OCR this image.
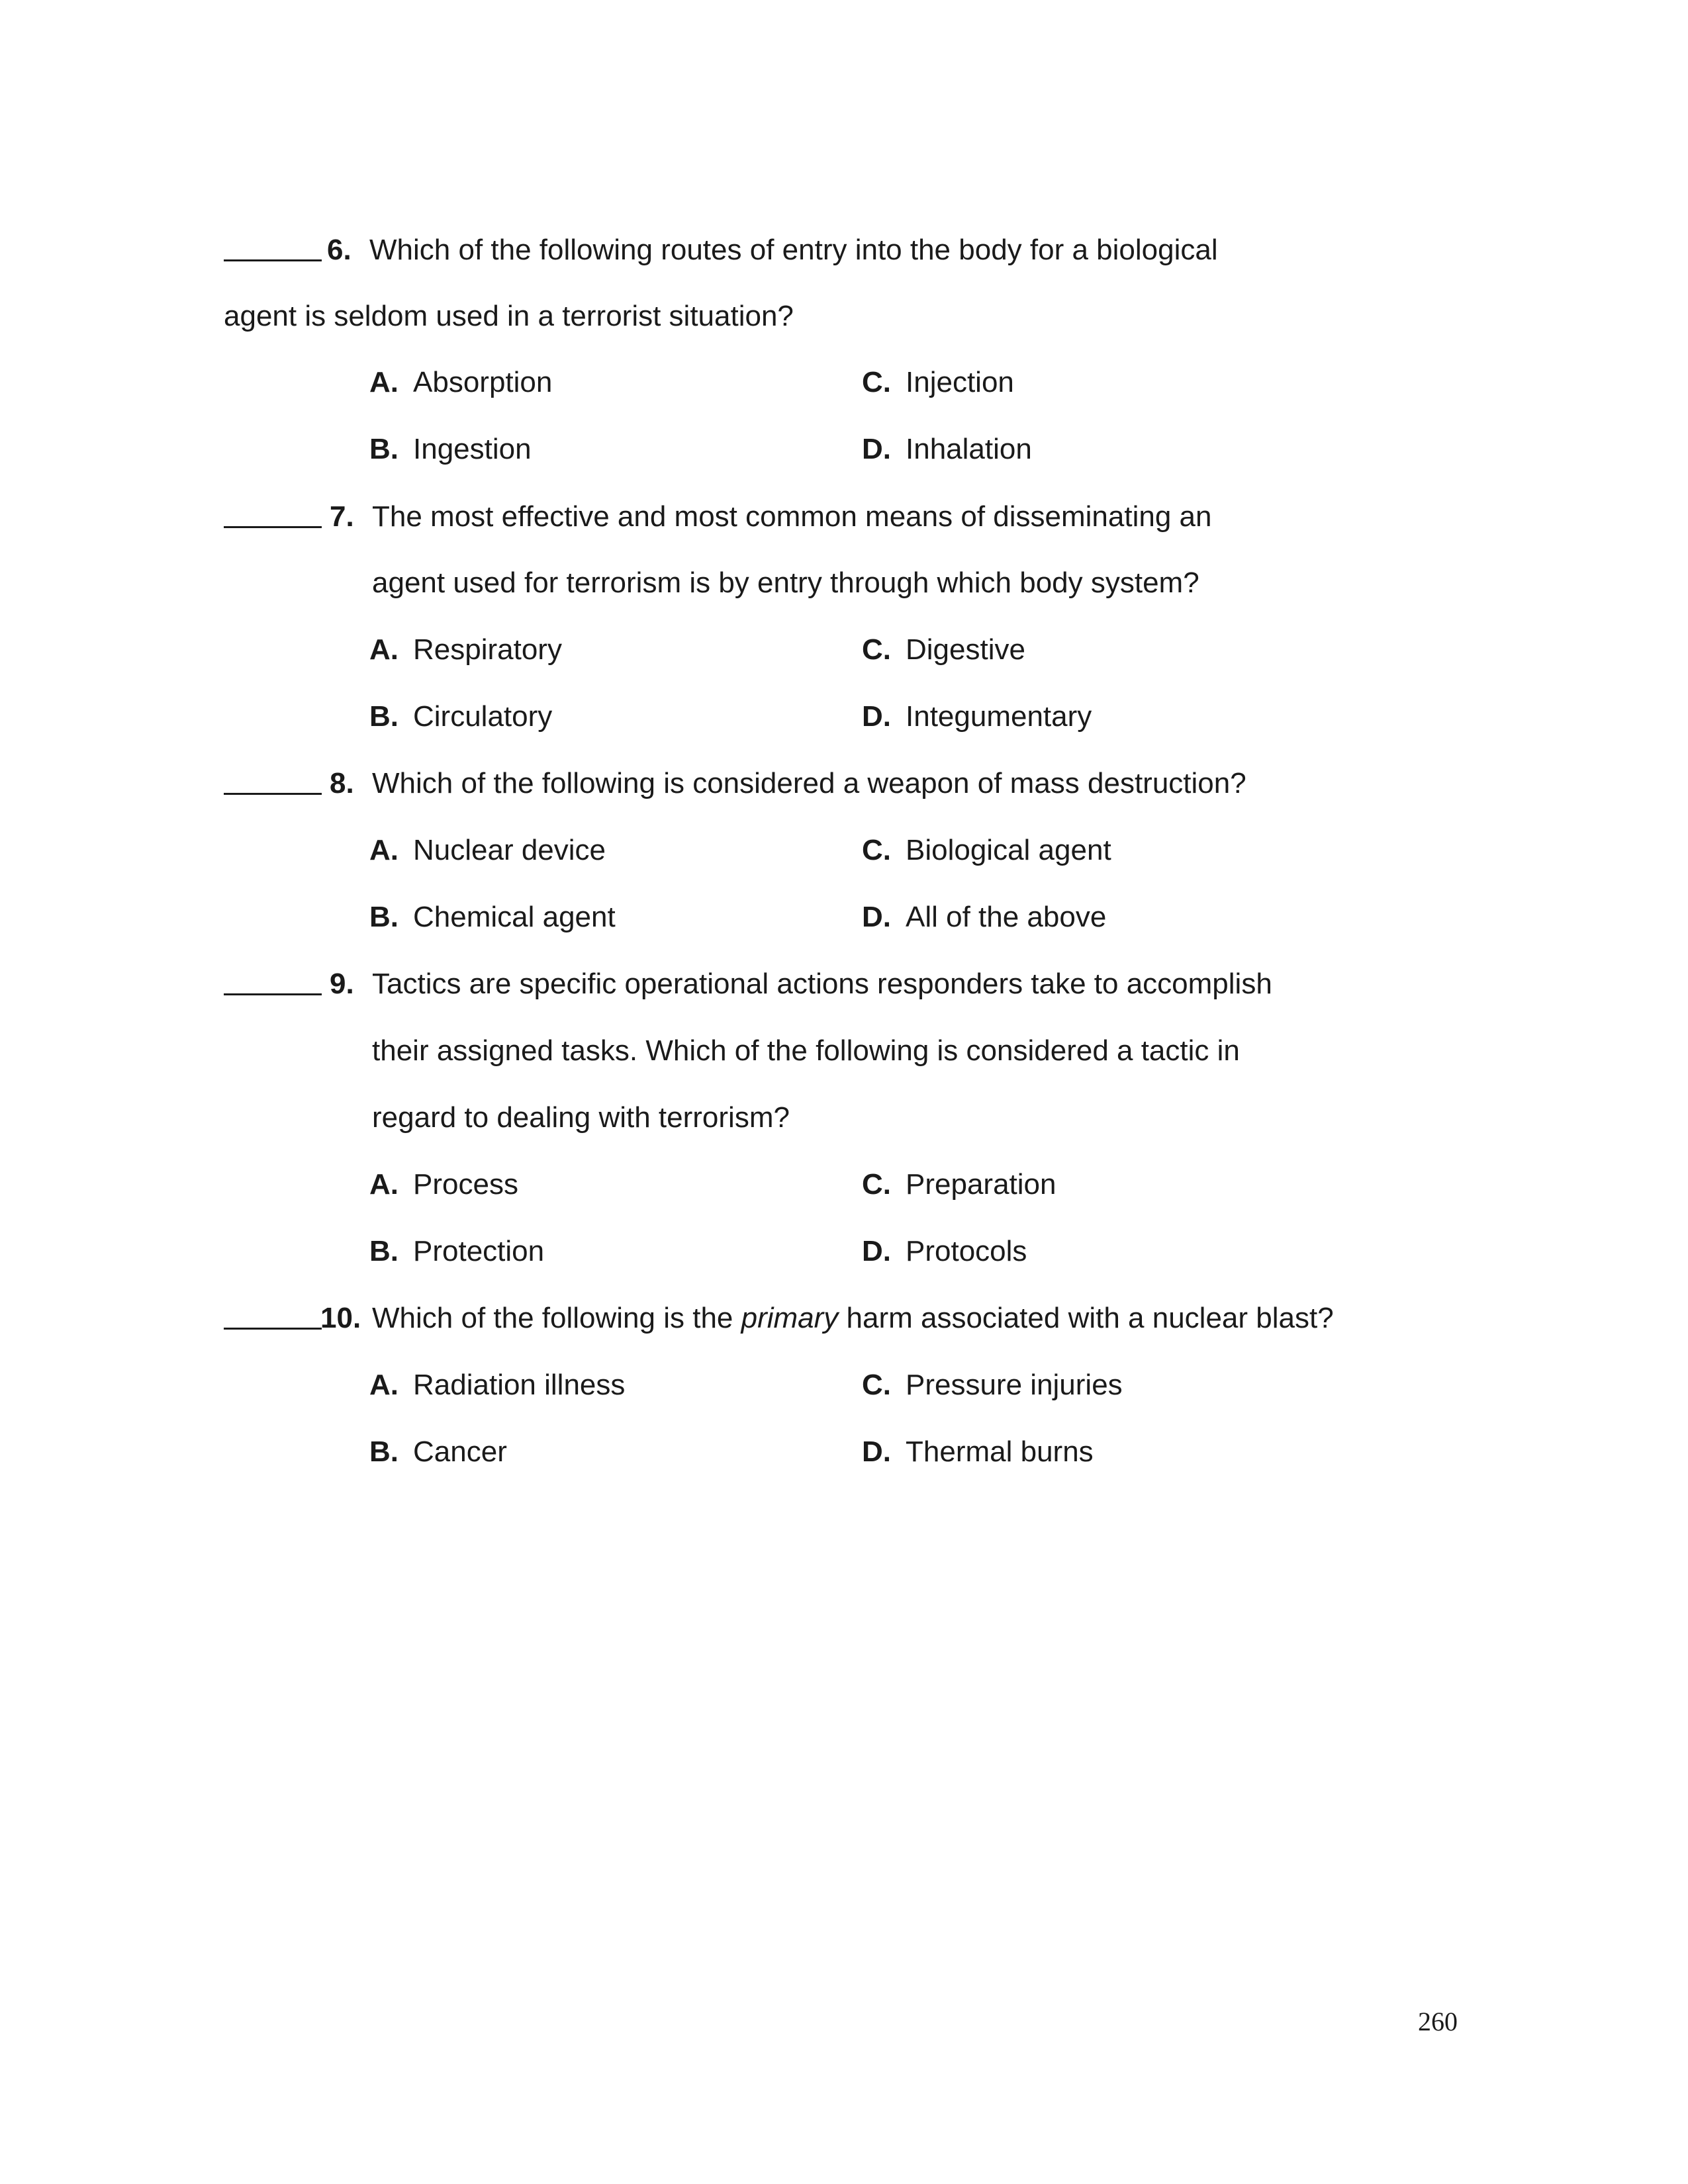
6. Which of the following routes of entry into the body for a biological
agent is seldom used in a terrorist situation?
A. Absorption	C. Injection
B. Ingestion	D. Inhalation
7. The most effective and most common means of disseminating an
agent used for terrorism is by entry through which body system?
A. Respiratory	C. Digestive
B. Circulatory	D. Integumentary
8. Which of the following is considered a weapon of mass destruction?
A. Nuclear device	C. Biological agent
B. Chemical agent	D. All of the above
9. Tactics are specific operational actions responders take to accomplish
their assigned tasks. Which of the following is considered a tactic in
regard to dealing with terrorism?
A. Process	C. Preparation
B. Protection	D. Protocols
10. Which of the following is the primary harm associated with a nuclear blast?
A. Radiation illness	C. Pressure injuries
B. Cancer	D. Thermal burns
260
